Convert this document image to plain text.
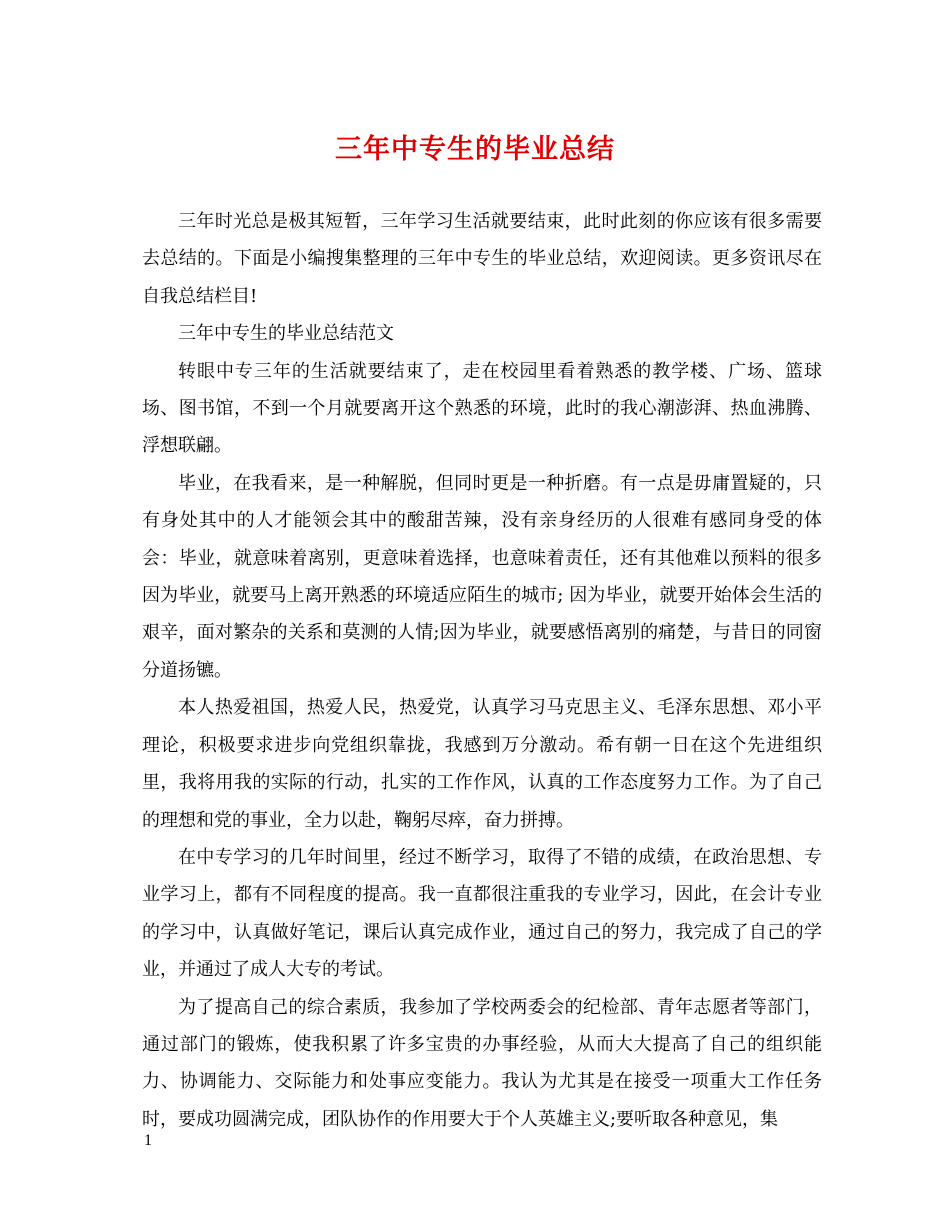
三年中专生的毕业总结

三年时光总是极其短暂，三年学习生活就要结束，此时此刻的你应该有很多需要去总结的。下面是小编搜集整理的三年中专生的毕业总结，欢迎阅读。更多资讯尽在自我总结栏目!

三年中专生的毕业总结范文

转眼中专三年的生活就要结束了，走在校园里看着熟悉的教学楼、广场、篮球场、图书馆，不到一个月就要离开这个熟悉的环境，此时的我心潮澎湃、热血沸腾、浮想联翩。

毕业，在我看来，是一种解脱，但同时更是一种折磨。有一点是毋庸置疑的，只有身处其中的人才能领会其中的酸甜苦辣，没有亲身经历的人很难有感同身受的体会：毕业，就意味着离别，更意味着选择，也意味着责任，还有其他难以预料的很多因为毕业，就要马上离开熟悉的环境适应陌生的城市; 因为毕业，就要开始体会生活的  艰辛，面对繁杂的关系和莫测的人情;因为毕业，就要感悟离别的痛楚，与昔日的同窗分道扬镳。

本人热爱祖国，热爱人民，热爱党，认真学习马克思主义、毛泽东思想、邓小平理论，积极要求进步向党组织靠拢，我感到万分激动。希有朝一日在这个先进组织里，我将用我的实际的行动，扎实的工作作风，认真的工作态度努力工作。为了自己的理想和党的事业，全力以赴，鞠躬尽瘁，奋力拼搏。

在中专学习的几年时间里，经过不断学习，取得了不错的成绩，在政治思想、专业学习上，都有不同程度的提高。我一直都很注重我的专业学习，因此，在会计专业的学习中，认真做好笔记，课后认真完成作业，通过自己的努力，我完成了自己的学业，并通过了成人大专的考试。

为了提高自己的综合素质，我参加了学校两委会的纪检部、青年志愿者等部门，通过部门的锻炼，使我积累了许多宝贵的办事经验，从而大大提高了自己的组织能力、协调能力、交际能力和处事应变能力。我认为尤其是在接受一项重大工作任务时，要成功圆满完成，团队协作的作用要大于个人英雄主义;要听取各种意见，集

1
